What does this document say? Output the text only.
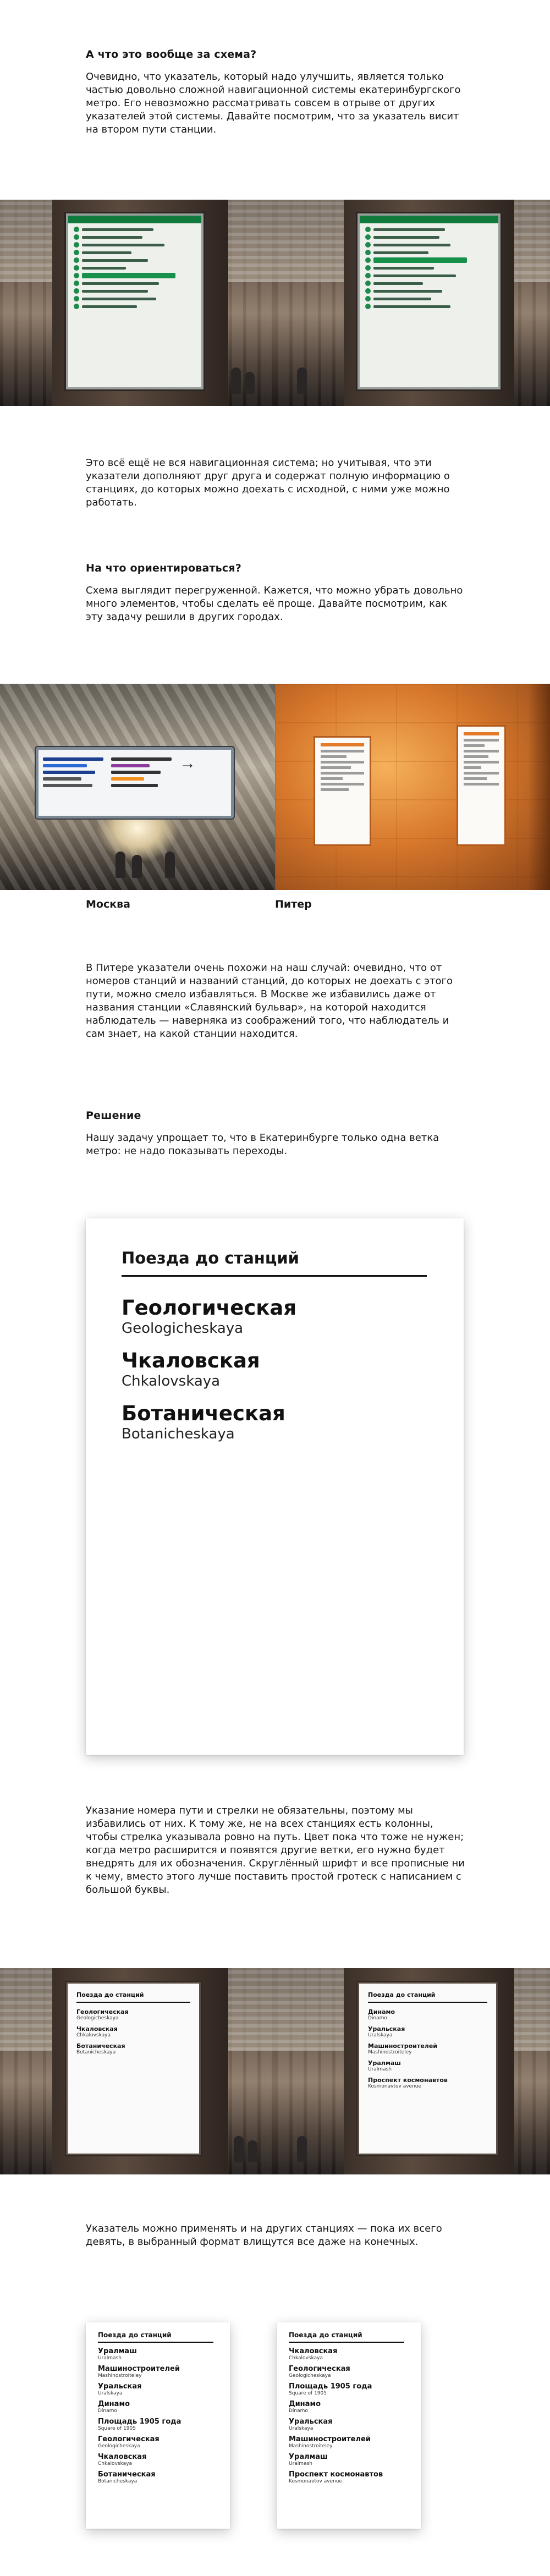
А что это вообще за схема?

Очевидно, что указатель, который надо улучшить, является только частью довольно сложной навигационной системы екатеринбургского метро. Его невозможно рассматривать совсем в отрыве от других указателей этой системы. Давайте посмотрим, что за указатель висит на втором пути станции.

Это всё ещё не вся навигационная система; но учитывая, что эти указатели дополняют друг друга и содержат полную информацию о станциях, до которых можно доехать с исходной, с ними уже можно работать.

На что ориентироваться?

Схема выглядит перегруженной. Кажется, что можно убрать довольно много элементов, чтобы сделать её проще. Давайте посмотрим, как эту задачу решили в других городах.

→
Москва	Питер

В Питере указатели очень похожи на наш случай: очевидно, что от номеров станций и названий станций, до которых не доехать с этого пути, можно смело избавляться. В Москве же избавились даже от названия станции «Славянский бульвар», на которой находится наблюдатель — наверняка из соображений того, что наблюдатель и сам знает, на какой станции находится.

Решение

Нашу задачу упрощает то, что в Екатеринбурге только одна ветка метро: не надо показывать переходы.

Поезда до станций
Геологическая
Geologicheskaya
Чкаловская
Chkalovskaya
Ботаническая
Botanicheskaya

Указание номера пути и стрелки не обязательны, поэтому мы избавились от них. К тому же, не на всех станциях есть колонны, чтобы стрелка указывала ровно на путь. Цвет пока что тоже не нужен; когда метро расширится и появятся другие ветки, его нужно будет внедрять для их обозначения. Скруглённый шрифт и все прописные ни к чему, вместо этого лучше поставить простой гротеск с написанием с большой буквы.

Поезда до станций
Геологическая
Geologicheskaya
Чкаловская
Chkalovskaya
Ботаническая
Botanicheskaya
Поезда до станций
Динамо
Dinamo
Уральская
Uralskaya
Машиностроителей
Mashinostroiteley
Уралмаш
Uralmash
Проспект космонавтов
Kosmonavtov avenue

Указатель можно применять и на других станциях — пока их всего девять, в выбранный формат влищутся все даже на конечных.

Поезда до станций
Уралмаш
Uralmash
Машиностроителей
Mashinostroiteley
Уральская
Uralskaya
Динамо
Dinamo
Площадь 1905 года
Square of 1905
Геологическая
Geologicheskaya
Чкаловская
Chkalovskaya
Ботаническая
Botanicheskaya
Поезда до станций
Чкаловская
Chkalovskaya
Геологическая
Geologicheskaya
Площадь 1905 года
Square of 1905
Динамо
Dinamo
Уральская
Uralskaya
Машиностроителей
Mashinostroiteley
Уралмаш
Uralmash
Проспект космонавтов
Kosmonavtov avenue
